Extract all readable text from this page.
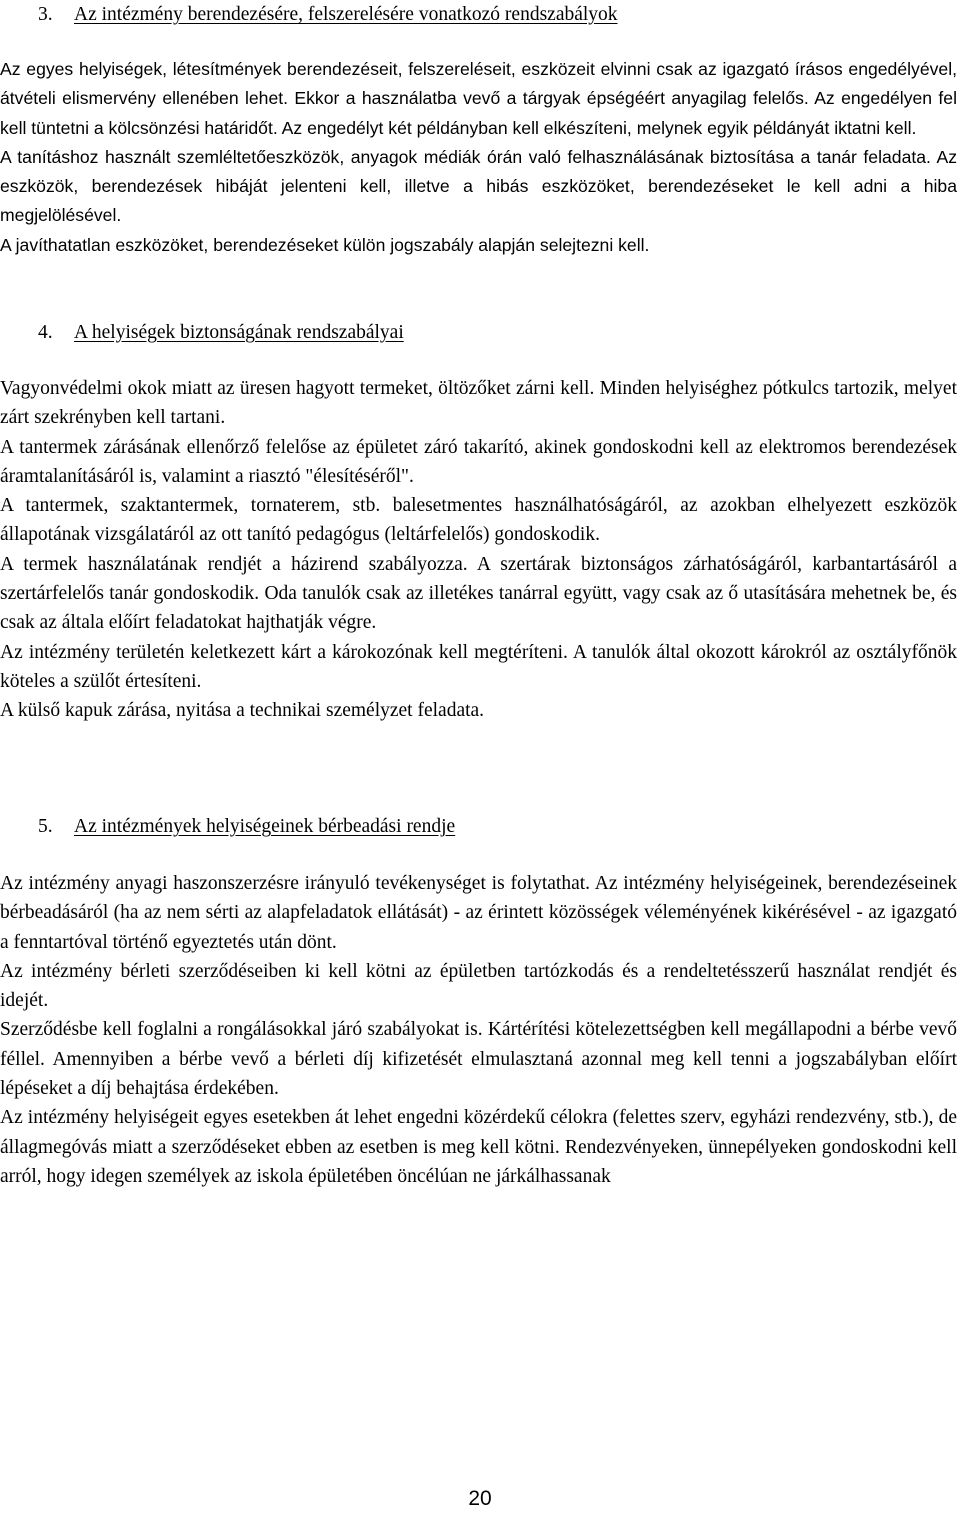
3. Az intézmény berendezésére, felszerelésére vonatkozó rendszabályok

Az egyes helyiségek, létesítmények berendezéseit, felszereléseit, eszközeit elvinni csak az igazgató írásos engedélyével, átvételi elismervény ellenében lehet. Ekkor a használatba vevő a tárgyak épségéért anyagilag felelős. Az engedélyen fel kell tüntetni a kölcsönzési határidőt. Az engedélyt két példányban kell elkészíteni, melynek egyik példányát iktatni kell.

A tanításhoz használt szemléltetőeszközök, anyagok médiák órán való felhasználásának biztosítása a tanár feladata. Az eszközök, berendezések hibáját jelenteni kell, illetve a hibás eszközöket, berendezéseket le kell adni a hiba megjelölésével.

A javíthatatlan eszközöket, berendezéseket külön jogszabály alapján selejtezni kell.

4. A helyiségek biztonságának rendszabályai

Vagyonvédelmi okok miatt az üresen hagyott termeket, öltözőket zárni kell. Minden helyiséghez pótkulcs tartozik, melyet zárt szekrényben kell tartani.

A tantermek zárásának ellenőrző felelőse az épületet záró takarító, akinek gondoskodni kell az elektromos berendezések áramtalanításáról is, valamint a riasztó "élesítéséről".

A tantermek, szaktantermek, tornaterem, stb. balesetmentes használhatóságáról, az azokban elhelyezett eszközök állapotának vizsgálatáról az ott tanító pedagógus (leltárfelelős) gondoskodik.

A termek használatának rendjét a házirend szabályozza. A szertárak biztonságos zárhatóságáról, karbantartásáról a szertárfelelős tanár gondoskodik. Oda tanulók csak az illetékes tanárral együtt, vagy csak az ő utasítására mehetnek be, és csak az általa előírt feladatokat hajthatják végre.

Az intézmény területén keletkezett kárt a károkozónak kell megtéríteni. A tanulók által okozott károkról az osztályfőnök köteles a szülőt értesíteni.

A külső kapuk zárása, nyitása a technikai személyzet feladata.

5. Az intézmények helyiségeinek bérbeadási rendje

Az intézmény anyagi haszonszerzésre irányuló tevékenységet is folytathat. Az intézmény helyiségeinek, berendezéseinek bérbeadásáról (ha az nem sérti az alapfeladatok ellátását) - az érintett közösségek véleményének kikérésével - az igazgató a fenntartóval történő egyeztetés után dönt.

Az intézmény bérleti szerződéseiben ki kell kötni az épületben tartózkodás és a rendeltetésszerű használat rendjét és idejét.

Szerződésbe kell foglalni a rongálásokkal járó szabályokat is. Kártérítési kötelezettségben kell megállapodni a bérbe vevő féllel. Amennyiben a bérbe vevő a bérleti díj kifizetését elmulasztaná azonnal meg kell tenni a jogszabályban előírt lépéseket a díj behajtása érdekében.

Az intézmény helyiségeit egyes esetekben át lehet engedni közérdekű célokra (felettes szerv, egyházi rendezvény, stb.), de állagmegóvás miatt a szerződéseket ebben az esetben is meg kell kötni. Rendezvényeken, ünnepélyeken gondoskodni kell arról, hogy idegen személyek az iskola épületében öncélúan ne járkálhassanak

20
